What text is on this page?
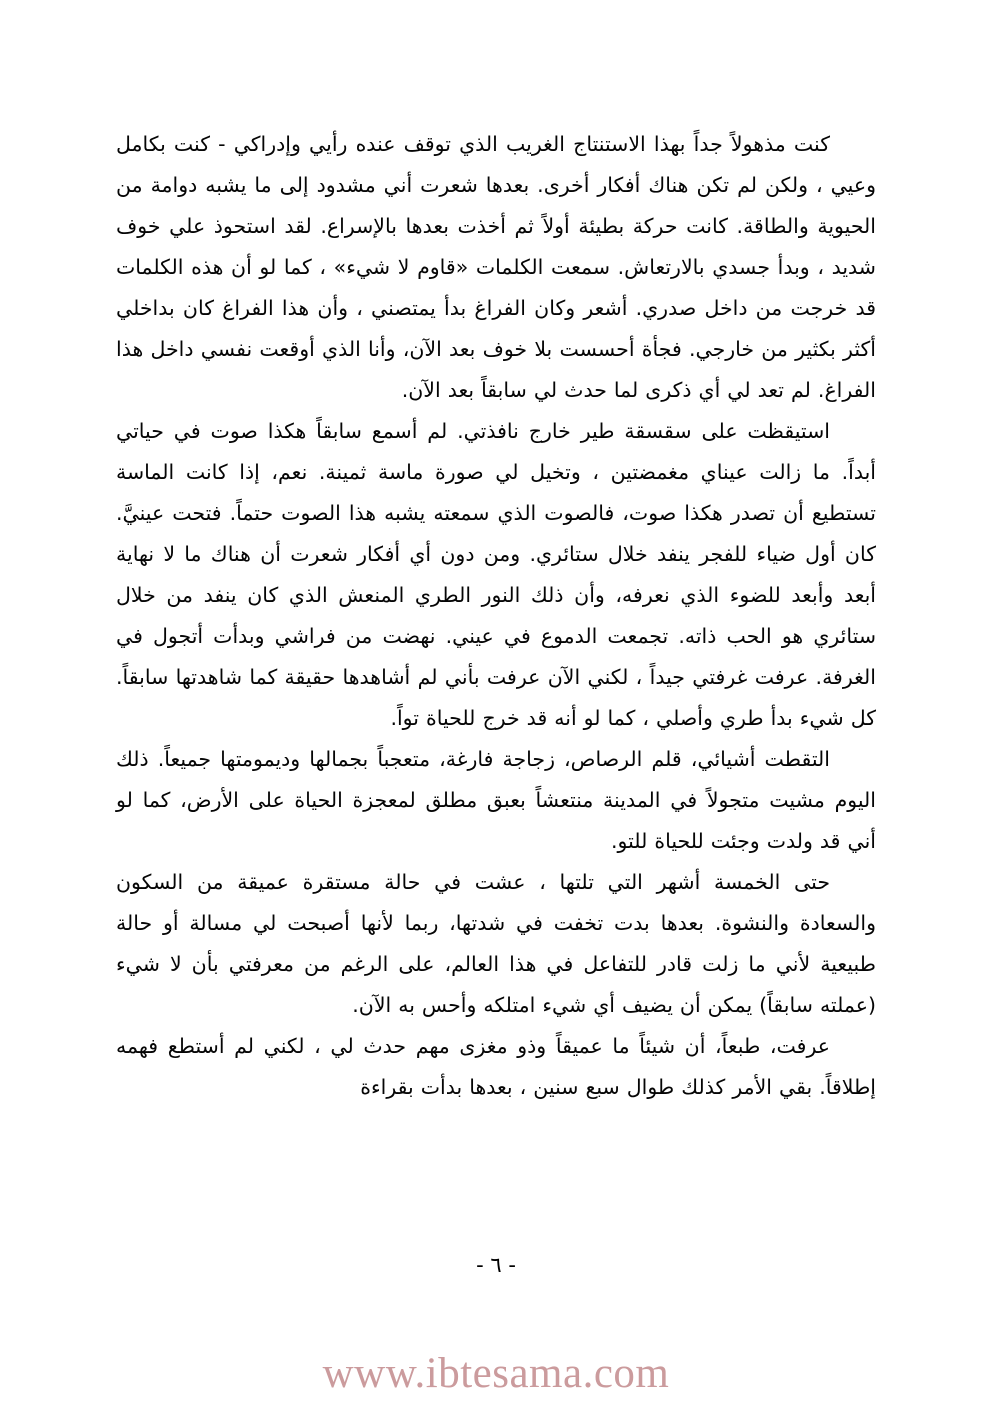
كنت مذهولاً جداً بهذا الاستنتاج الغريب الذي توقف عنده رأيي وإدراكي - كنت بكامل وعيي ، ولكن لم تكن هناك أفكار أخرى. بعدها شعرت أني مشدود إلى ما يشبه دوامة من الحيوية والطاقة. كانت حركة بطيئة أولاً ثم أخذت بعدها بالإسراع. لقد استحوذ علي خوف شديد ، وبدأ جسدي بالارتعاش. سمعت الكلمات «قاوم لا شيء» ، كما لو أن هذه الكلمات قد خرجت من داخل صدري. أشعر وكان الفراغ بدأ يمتصني ، وأن هذا الفراغ كان بداخلي أكثر بكثير من خارجي. فجأة أحسست بلا خوف بعد الآن، وأنا الذي أوقعت نفسي داخل هذا الفراغ. لم تعد لي أي ذكرى لما حدث لي سابقاً بعد الآن.

استيقظت على سقسقة طير خارج نافذتي. لم أسمع سابقاً هكذا صوت في حياتي أبداً. ما زالت عيناي مغمضتين ، وتخيل لي صورة ماسة ثمينة. نعم، إذا كانت الماسة تستطيع أن تصدر هكذا صوت، فالصوت الذي سمعته يشبه هذا الصوت حتماً. فتحت عينيَّ. كان أول ضياء للفجر ينفد خلال ستائري. ومن دون أي أفكار شعرت أن هناك ما لا نهاية أبعد وأبعد للضوء الذي نعرفه، وأن ذلك النور الطري المنعش الذي كان ينفد من خلال ستائري هو الحب ذاته. تجمعت الدموع في عيني. نهضت من فراشي وبدأت أتجول في الغرفة. عرفت غرفتي جيداً ، لكني الآن عرفت بأني لم أشاهدها حقيقة كما شاهدتها سابقاً. كل شيء بدأ طري وأصلي ، كما لو أنه قد خرج للحياة تواً.

التقطت أشيائي، قلم الرصاص، زجاجة فارغة، متعجباً بجمالها وديمومتها جميعاً. ذلك اليوم مشيت متجولاً في المدينة منتعشاً بعبق مطلق لمعجزة الحياة على الأرض، كما لو أني قد ولدت وجئت للحياة للتو.

حتى الخمسة أشهر التي تلتها ، عشت في حالة مستقرة عميقة من السكون والسعادة والنشوة. بعدها بدت تخفت في شدتها، ربما لأنها أصبحت لي مسالة أو حالة طبيعية لأني ما زلت قادر للتفاعل في هذا العالم، على الرغم من معرفتي بأن لا شيء (عملته سابقاً) يمكن أن يضيف أي شيء امتلكه وأحس به الآن.

عرفت، طبعاً، أن شيئاً ما عميقاً وذو مغزى مهم حدث لي ، لكني لم أستطع فهمه إطلاقاً. بقي الأمر كذلك طوال سبع سنين ، بعدها بدأت بقراءة

- ٦ -
www.ibtesama.com
